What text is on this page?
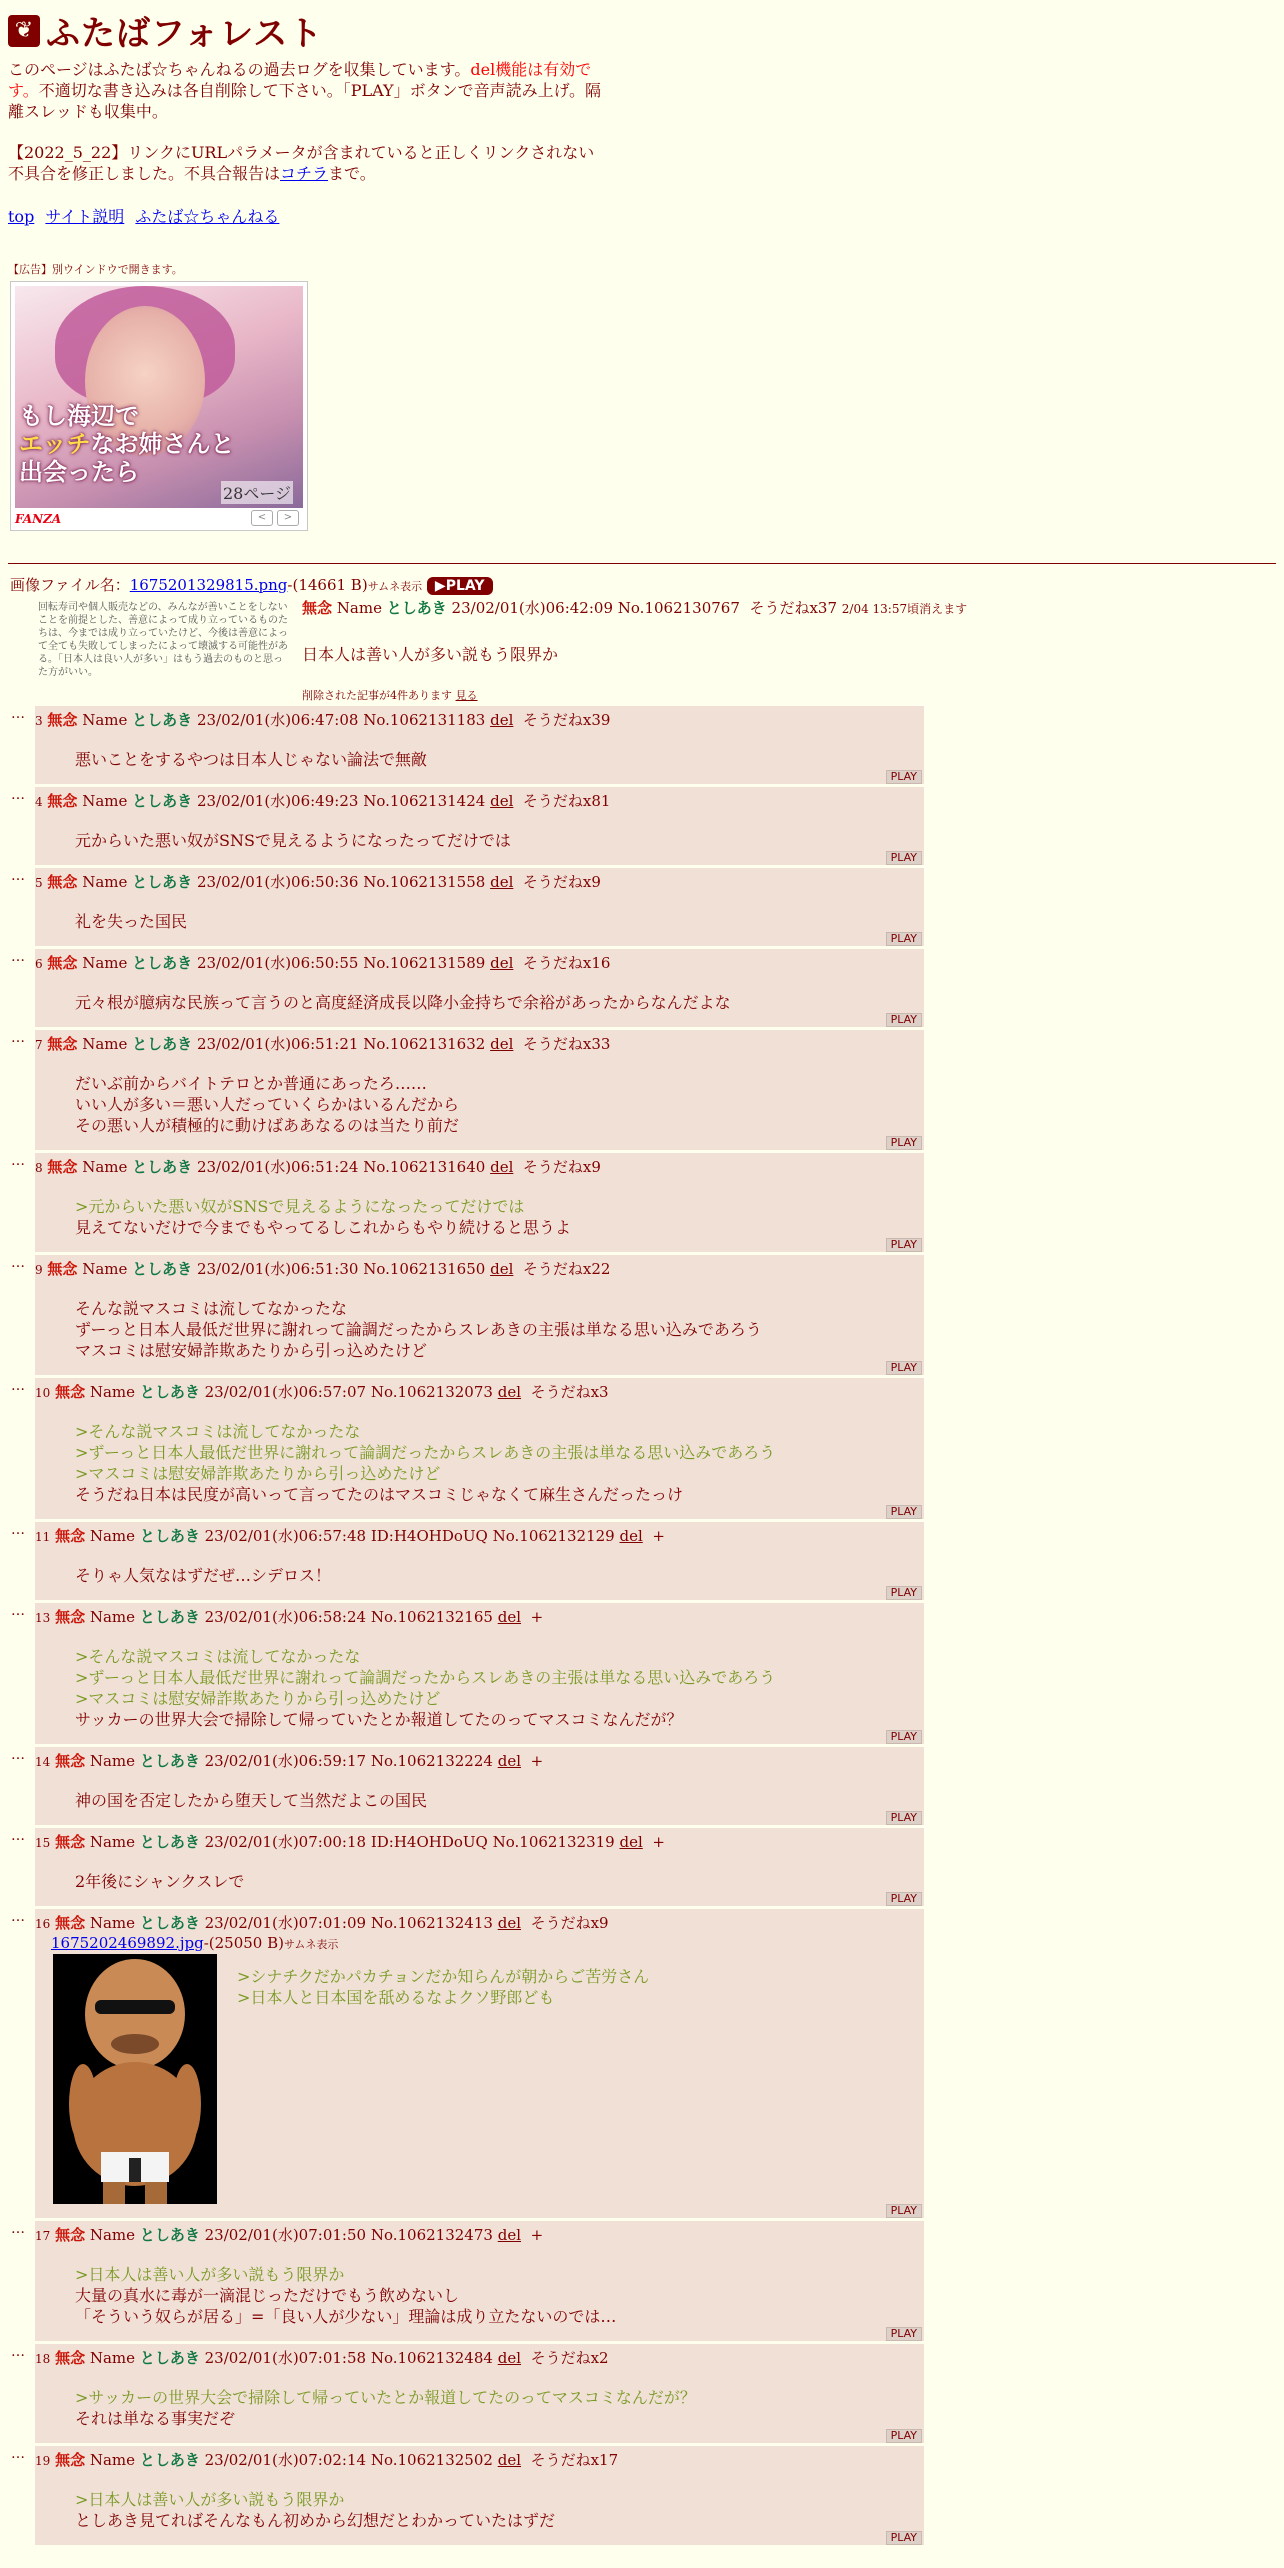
❦ ふたばフォレスト
このページはふたば☆ちゃんねるの過去ログを収集しています。del機能は有効です。不適切な書き込みは各自削除して下さい。「PLAY」ボタンで音声読み上げ。隔離スレッドも収集中。
【2022_5_22】リンクにURLパラメータが含まれていると正しくリンクされない不具合を修正しました。不具合報告はコチラまで。
top サイト説明 ふたば☆ちゃんねる
【広告】別ウインドウで開きます。
もし海辺で
エッチなお姉さんと
出会ったら
28ページ
FANZA	<	>
画像ファイル名：1675201329815.png-(14661 B)サムネ表示 ▶PLAY
回転寿司や個人販売などの、みんなが善いことをしないことを前提とした、善意によって成り立っているものたちは、今までは成り立っていたけど、今後は善意によって全ても失敗してしまったによって壊滅する可能性がある。「日本人は良い人が多い」はもう過去のものと思った方がいい。
無念 Name としあき 23/02/01(水)06:42:09 No.1062130767 そうだねx37 2/04 13:57頃消えます
日本人は善い人が多い説もう限界か
削除された記事が4件あります 見る
… 3 無念 Name としあき 23/02/01(水)06:47:08 No.1062131183 del そうだねx39
悪いことをするやつは日本人じゃない論法で無敵
PLAY
… 4 無念 Name としあき 23/02/01(水)06:49:23 No.1062131424 del そうだねx81
元からいた悪い奴がSNSで見えるようになったってだけでは
PLAY
… 5 無念 Name としあき 23/02/01(水)06:50:36 No.1062131558 del そうだねx9
礼を失った国民
PLAY
… 6 無念 Name としあき 23/02/01(水)06:50:55 No.1062131589 del そうだねx16
元々根が臆病な民族って言うのと高度経済成長以降小金持ちで余裕があったからなんだよな
PLAY
… 7 無念 Name としあき 23/02/01(水)06:51:21 No.1062131632 del そうだねx33
だいぶ前からバイトテロとか普通にあったろ……
いい人が多い＝悪い人だっていくらかはいるんだから
その悪い人が積極的に動けばああなるのは当たり前だ
PLAY
… 8 無念 Name としあき 23/02/01(水)06:51:24 No.1062131640 del そうだねx9
>元からいた悪い奴がSNSで見えるようになったってだけでは
見えてないだけで今までもやってるしこれからもやり続けると思うよ
PLAY
… 9 無念 Name としあき 23/02/01(水)06:51:30 No.1062131650 del そうだねx22
そんな説マスコミは流してなかったな
ずーっと日本人最低だ世界に謝れって論調だったからスレあきの主張は単なる思い込みであろう
マスコミは慰安婦詐欺あたりから引っ込めたけど
PLAY
… 10 無念 Name としあき 23/02/01(水)06:57:07 No.1062132073 del そうだねx3
>そんな説マスコミは流してなかったな
>ずーっと日本人最低だ世界に謝れって論調だったからスレあきの主張は単なる思い込みであろう
>マスコミは慰安婦詐欺あたりから引っ込めたけど
そうだね日本は民度が高いって言ってたのはマスコミじゃなくて麻生さんだったっけ
PLAY
… 11 無念 Name としあき 23/02/01(水)06:57:48 ID:H4OHDoUQ No.1062132129 del +
そりゃ人気なはずだぜ…シデロス！
PLAY
… 13 無念 Name としあき 23/02/01(水)06:58:24 No.1062132165 del +
>そんな説マスコミは流してなかったな
>ずーっと日本人最低だ世界に謝れって論調だったからスレあきの主張は単なる思い込みであろう
>マスコミは慰安婦詐欺あたりから引っ込めたけど
サッカーの世界大会で掃除して帰っていたとか報道してたのってマスコミなんだが？
PLAY
… 14 無念 Name としあき 23/02/01(水)06:59:17 No.1062132224 del +
神の国を否定したから堕天して当然だよこの国民
PLAY
… 15 無念 Name としあき 23/02/01(水)07:00:18 ID:H4OHDoUQ No.1062132319 del +
2年後にシャンクスレで
PLAY
… 16 無念 Name としあき 23/02/01(水)07:01:09 No.1062132413 del そうだねx9
1675202469892.jpg-(25050 B)サムネ表示
>シナチクだかパカチョンだか知らんが朝からご苦労さん
>日本人と日本国を舐めるなよクソ野郎ども
PLAY
… 17 無念 Name としあき 23/02/01(水)07:01:50 No.1062132473 del +
>日本人は善い人が多い説もう限界か
大量の真水に毒が一滴混じっただけでもう飲めないし
「そういう奴らが居る」=「良い人が少ない」理論は成り立たないのでは…
PLAY
… 18 無念 Name としあき 23/02/01(水)07:01:58 No.1062132484 del そうだねx2
>サッカーの世界大会で掃除して帰っていたとか報道してたのってマスコミなんだが？
それは単なる事実だぞ
PLAY
… 19 無念 Name としあき 23/02/01(水)07:02:14 No.1062132502 del そうだねx17
>日本人は善い人が多い説もう限界か
としあき見てればそんなもん初めから幻想だとわかっていたはずだ
PLAY
